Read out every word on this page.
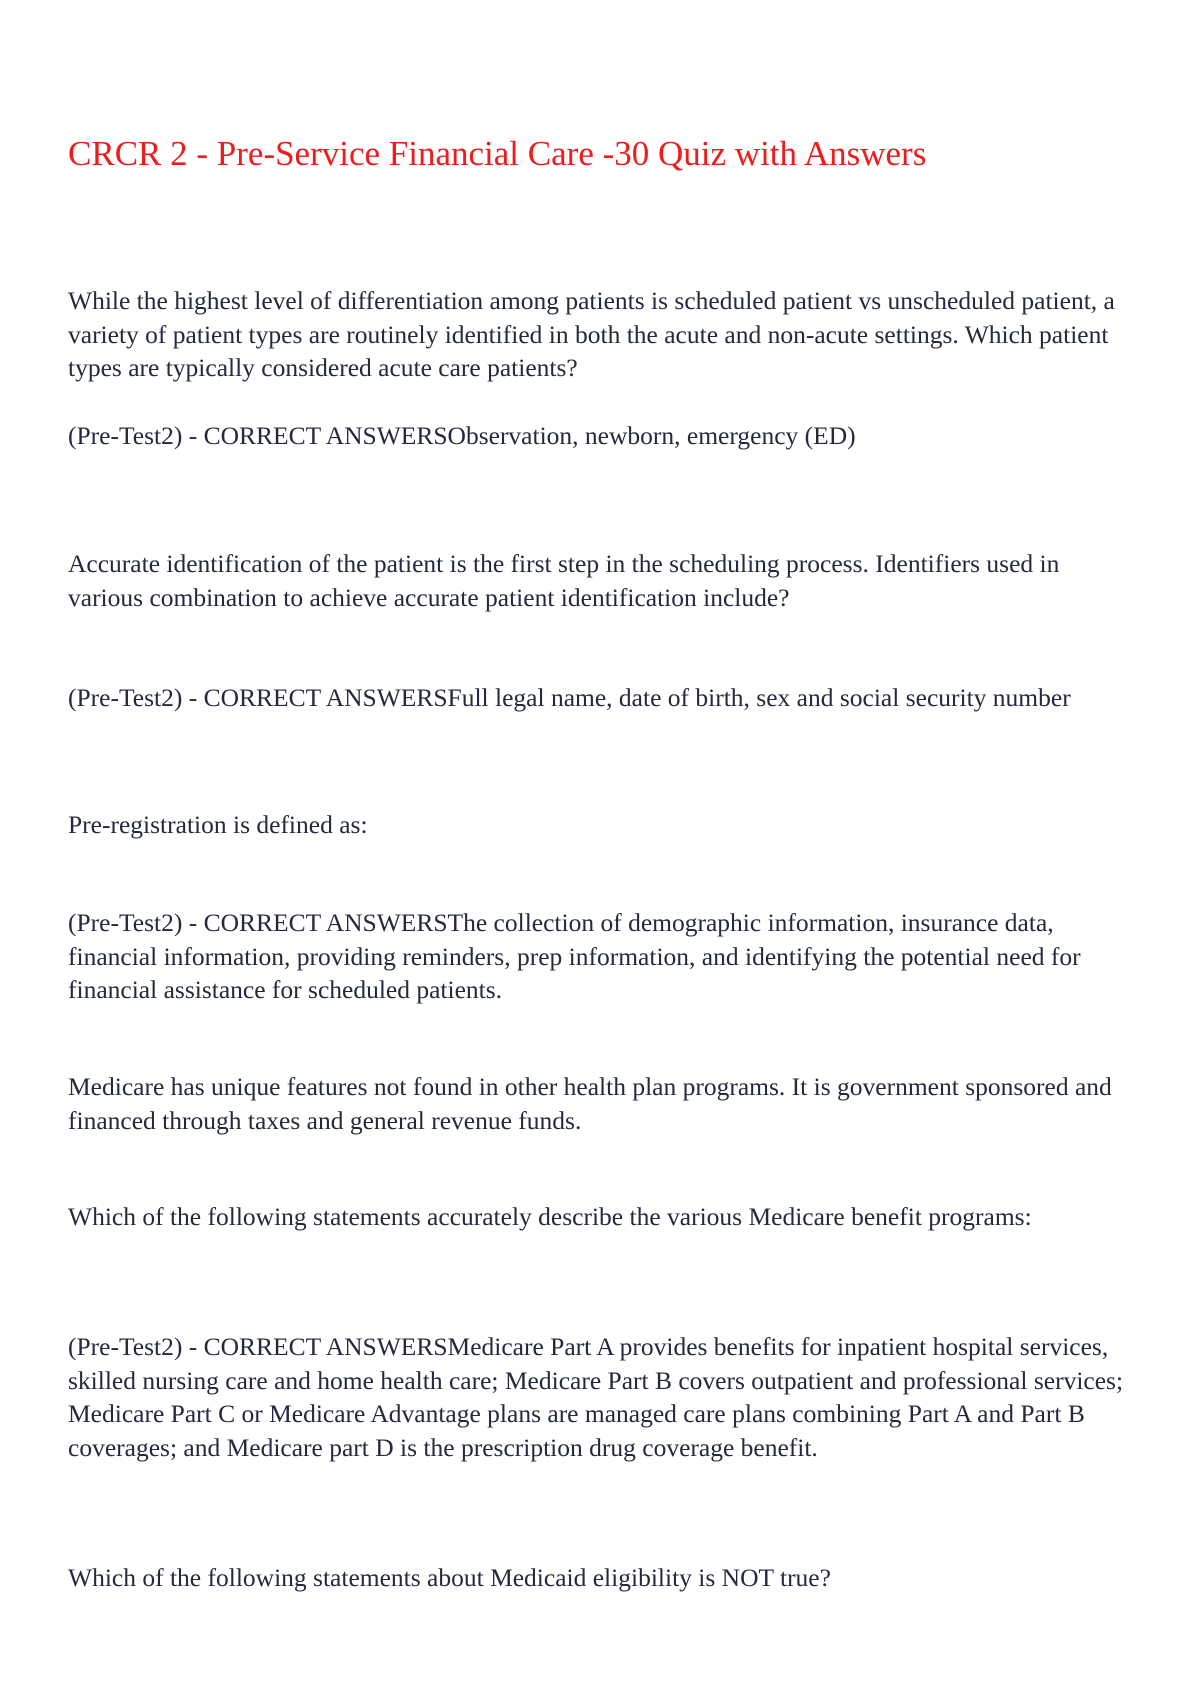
CRCR 2 - Pre-Service Financial Care -30 Quiz with Answers

While the highest level of differentiation among patients is scheduled patient vs unscheduled patient, a variety of patient types are routinely identified in both the acute and non-acute settings. Which patient types are typically considered acute care patients?

(Pre-Test2) - CORRECT ANSWERSObservation, newborn, emergency (ED)

Accurate identification of the patient is the first step in the scheduling process. Identifiers used in various combination to achieve accurate patient identification include?

(Pre-Test2) - CORRECT ANSWERSFull legal name, date of birth, sex and social security number

Pre-registration is defined as:

(Pre-Test2) - CORRECT ANSWERSThe collection of demographic information, insurance data, financial information, providing reminders, prep information, and identifying the potential need for financial assistance for scheduled patients.

Medicare has unique features not found in other health plan programs. It is government sponsored and financed through taxes and general revenue funds.

Which of the following statements accurately describe the various Medicare benefit programs:

(Pre-Test2) - CORRECT ANSWERSMedicare Part A provides benefits for inpatient hospital services, skilled nursing care and home health care; Medicare Part B covers outpatient and professional services; Medicare Part C or Medicare Advantage plans are managed care plans combining Part A and Part B coverages; and Medicare part D is the prescription drug coverage benefit.

Which of the following statements about Medicaid eligibility is NOT true?
